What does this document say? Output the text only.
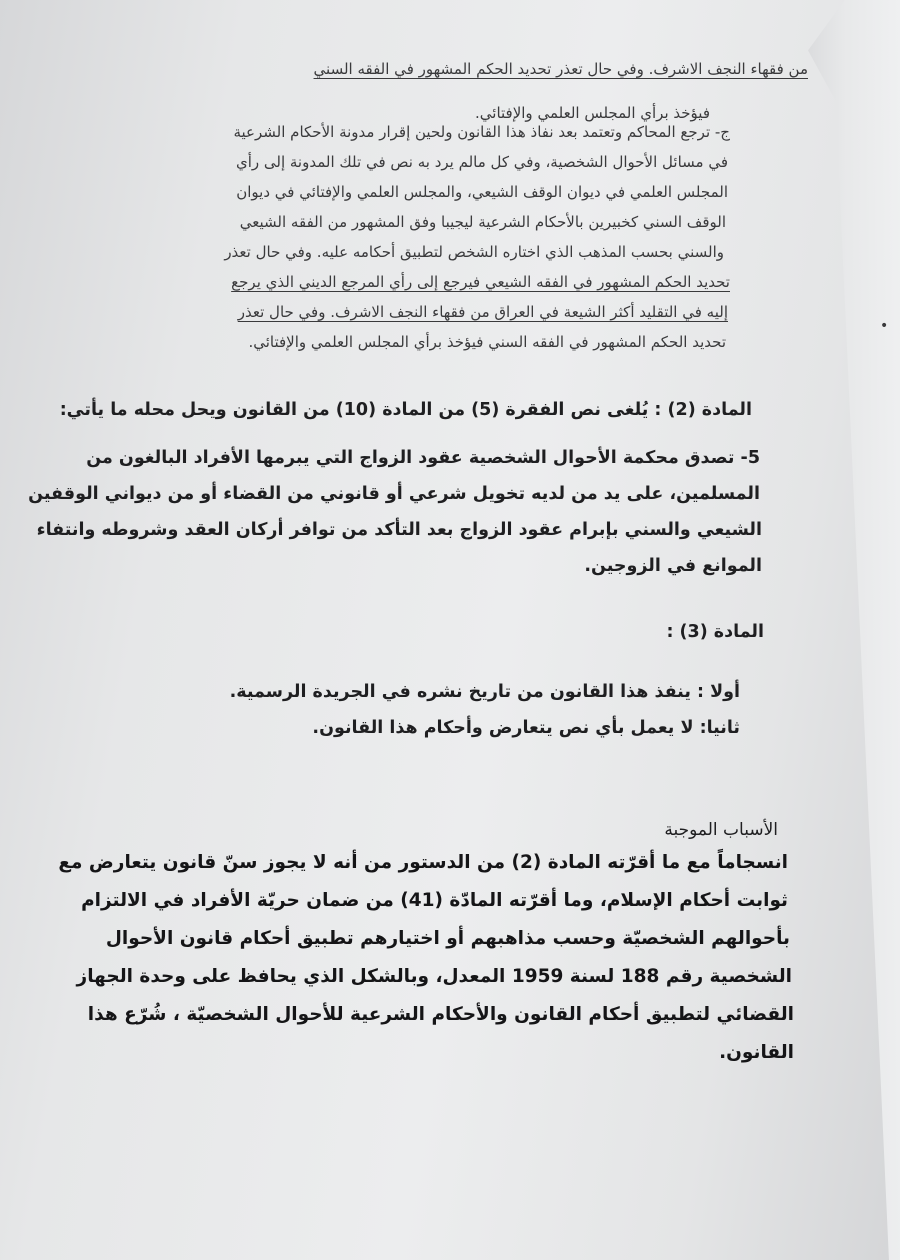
من فقهاء النجف الاشرف. وفي حال تعذر تحديد الحكم المشهور في الفقه السني
فيؤخذ برأي المجلس العلمي والإفتائي.
ج- ترجع المحاكم وتعتمد بعد نفاذ هذا القانون ولحين إقرار مدونة الأحكام الشرعية
في مسائل الأحوال الشخصية، وفي كل مالم يرد به نص في تلك المدونة إلى رأي
المجلس العلمي في ديوان الوقف الشيعي، والمجلس العلمي والإفتائي في ديوان
الوقف السني كخبيرين بالأحكام الشرعية ليجيبا وفق المشهور من الفقه الشيعي
والسني بحسب المذهب الذي اختاره الشخص لتطبيق أحكامه عليه. وفي حال تعذر
تحديد الحكم المشهور في الفقه الشيعي فيرجع إلى رأي المرجع الديني الذي يرجع
إليه في التقليد أكثر الشيعة في العراق من فقهاء النجف الاشرف. وفي حال تعذر
تحديد الحكم المشهور في الفقه السني فيؤخذ برأي المجلس العلمي والإفتائي.
المادة (2) : يُلغى نص الفقرة (5) من المادة (10) من القانون ويحل محله ما يأتي:
5- تصدق محكمة الأحوال الشخصية عقود الزواج التي يبرمها الأفراد البالغون من
المسلمين، على يد من لديه تخويل شرعي أو قانوني من القضاء أو من ديواني الوقفين
الشيعي والسني بإبرام عقود الزواج بعد التأكد من توافر أركان العقد وشروطه وانتفاء
الموانع في الزوجين.
المادة (3) :
أولا : ينفذ هذا القانون من تاريخ نشره في الجريدة الرسمية.
ثانيا: لا يعمل بأي نص يتعارض وأحكام هذا القانون.
الأسباب الموجبة
انسجاماً مع ما أقرّته المادة (2) من الدستور من أنه لا يجوز سنّ قانون يتعارض مع
ثوابت أحكام الإسلام، وما أقرّته المادّة (41) من ضمان حريّة الأفراد في الالتزام
بأحوالهم الشخصيّة وحسب مذاهبهم أو اختيارهم تطبيق أحكام قانون الأحوال
الشخصية رقم 188 لسنة 1959 المعدل، وبالشكل الذي يحافظ على وحدة الجهاز
القضائي لتطبيق أحكام القانون والأحكام الشرعية للأحوال الشخصيّة ، شُرّع هذا
القانون.
•
